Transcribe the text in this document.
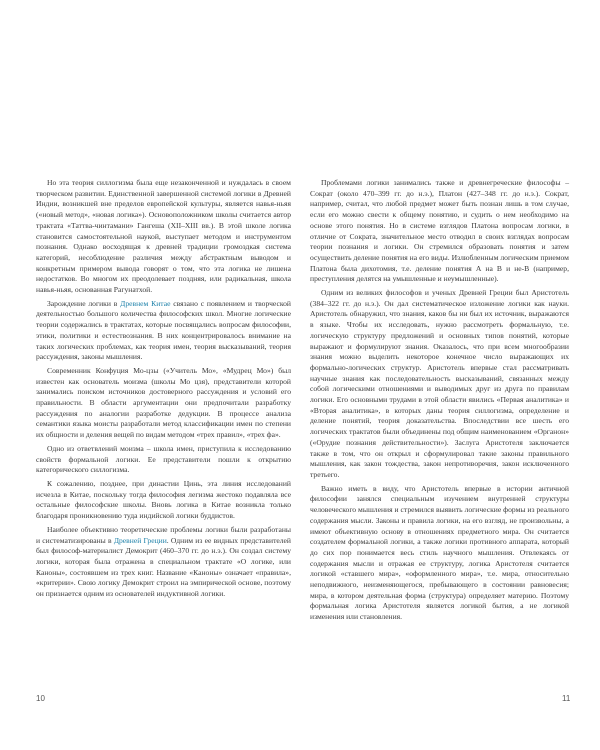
Но эта теория силлогизма была еще незаконченной и нуждалась в своем творческом развитии. Единственной завершенной системой логики в Древней Индии, возникшей вне пределов европейской культуры, является навья-ньяя («новый метод», «новая логика»). Основоположником школы считается автор трактата «Таттва-чинтамани» Гангеша (XII–XIII вв.). В этой школе логика становится самостоятельной наукой, выступает методом и инструментом познания. Однако восходящая к древней традиции громоздкая система категорий, несоблюдение различия между абстрактным выводом и конкретным примером вывода говорят о том, что эта логика не лишена недостатков. Во многом их преодолевает поздняя, или радикальная, школа навья-ньяя, основанная Рагунатхой.

Зарождение логики в Древнем Китае связано с появлением и творческой деятельностью большого количества философских школ. Многие логические теории содержались в трактатах, которые посвящались вопросам философии, этики, политики и естествознания. В них концентрировалось внимание на таких логических проблемах, как теория имен, теория высказываний, теория рассуждения, законы мышления.

Современник Конфуция Мо-цзы («Учитель Мо», «Мудрец Мо») был известен как основатель моизма (школы Мо цзя), представители которой занимались поиском источников достоверного рассуждения и условий его правильности. В области аргументации они предпочитали разработку рассуждения по аналогии разработке дедукции. В процессе анализа семантики языка моисты разработали метод классификации имен по степени их общности и деления вещей по видам методом «трех правил», «трех фа».

Одно из ответвлений моизма – школа имен, приступила к исследованию свойств формальной логики. Ее представители пошли к открытию категорического силлогизма.

К сожалению, позднее, при династии Цинь, эта линия исследований исчезла в Китае, поскольку тогда философия легизма жестоко подавляла все остальные философские школы. Вновь логика в Китае возникла только благодаря проникновению туда индийской логики буддистов.

Наиболее объективно теоретические проблемы логики были разработаны и систематизированы в Древней Греции. Одним из ее видных представителей был философ-материалист Демокрит (460–370 гг. до н.э.). Он создал систему логики, которая была отражена в специальном трактате «О логике, или Каноны», состоявшем из трех книг. Название «Каноны» означает «правила», «критерии». Свою логику Демокрит строил на эмпирической основе, поэтому он признается одним из основателей индуктивной логики.

10

Проблемами логики занимались также и древнегреческие философы – Сократ (около 470–399 гг. до н.э.), Платон (427–348 гг. до н.э.). Сократ, например, считал, что любой предмет может быть познан лишь в том случае, если его можно свести к общему понятию, и судить о нем необходимо на основе этого понятия. Но в системе взглядов Платона вопросам логики, в отличие от Сократа, значительное место отводил в своих взглядах вопросам теории познания и логики. Он стремился образовать понятия и затем осуществить деление понятия на его виды. Излюбленным логическим приемом Платона была дихотомия, т.е. деление понятия А на В и не-В (например, преступления делятся на умышленные и неумышленные).

Одним из великих философов и ученых Древней Греции был Аристотель (384–322 гг. до н.э.). Он дал систематическое изложение логики как науки. Аристотель обнаружил, что знания, каков бы ни был их источник, выражаются в языке. Чтобы их исследовать, нужно рассмотреть формальную, т.е. логическую структуру предложений и основных типов понятий, которые выражают и формулируют знания. Оказалось, что при всем многообразии знания можно выделить некоторое конечное число выражающих их формально-логических структур. Аристотель впервые стал рассматривать научные знания как последовательность высказываний, связанных между собой логическими отношениями и выводимых друг из друга по правилам логики. Его основными трудами в этой области явились «Первая аналитика» и «Вторая аналитика», в которых даны теория силлогизма, определение и деление понятий, теория доказательства. Впоследствии все шесть его логических трактатов были объединены под общим наименованием «Органон» («Орудие познания действительности»). Заслуга Аристотеля заключается также в том, что он открыл и сформулировал такие законы правильного мышления, как закон тождества, закон непротиворечия, закон исключенного третьего.

Важно иметь в виду, что Аристотель впервые в истории античной философии занялся специальным изучением внутренней структуры человеческого мышления и стремился выявить логические формы из реального содержания мысли. Законы и правила логики, на его взгляд, не произвольны, а имеют объективную основу в отношениях предметного мира. Он считается создателем формальной логики, а также логики противного аппарата, который до сих пор понимается весь стиль научного мышления. Отвлекаясь от содержания мысли и отражая ее структуру, логика Аристотеля считается логикой «ставшего мира», «оформленного мира», т.е. мира, относительно неподвижного, неизменяющегося, пребывающего в состоянии равновесия; мира, в котором деятельная форма (структура) определяет материю. Поэтому формальная логика Аристотеля является логикой бытия, а не логикой изменения или становления.

11
